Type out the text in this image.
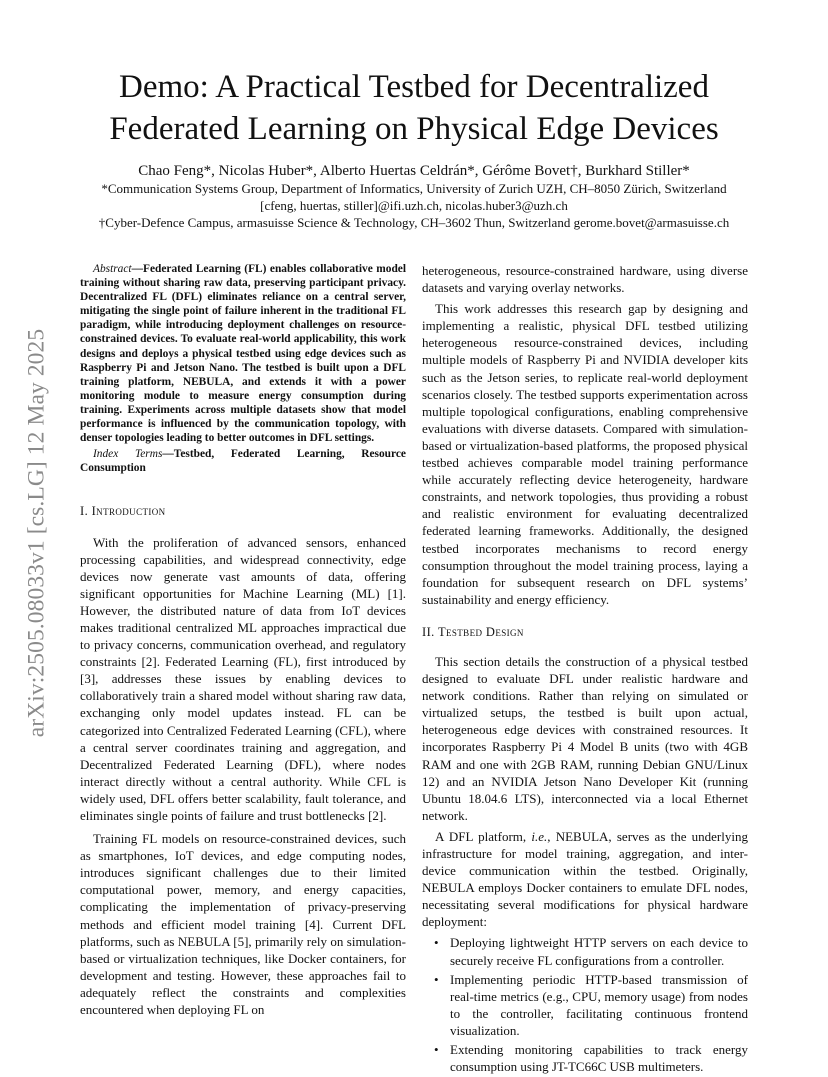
arXiv:2505.08033v1 [cs.LG] 12 May 2025
Demo: A Practical Testbed for Decentralized
Federated Learning on Physical Edge Devices
Chao Feng*, Nicolas Huber*, Alberto Huertas Celdrán*, Gérôme Bovet†, Burkhard Stiller*
*Communication Systems Group, Department of Informatics, University of Zurich UZH, CH–8050 Zürich, Switzerland
[cfeng, huertas, stiller]@ifi.uzh.ch, nicolas.huber3@uzh.ch
†Cyber-Defence Campus, armasuisse Science & Technology, CH–3602 Thun, Switzerland gerome.bovet@armasuisse.ch

Abstract—Federated Learning (FL) enables collaborative model training without sharing raw data, preserving participant privacy. Decentralized FL (DFL) eliminates reliance on a central server, mitigating the single point of failure inherent in the traditional FL paradigm, while introducing deployment challenges on resource-constrained devices. To evaluate real-world applicability, this work designs and deploys a physical testbed using edge devices such as Raspberry Pi and Jetson Nano. The testbed is built upon a DFL training platform, NEBULA, and extends it with a power monitoring module to measure energy consumption during training. Experiments across multiple datasets show that model performance is influenced by the communication topology, with denser topologies leading to better outcomes in DFL settings.

Index Terms—Testbed, Federated Learning, Resource Consumption

I. Introduction

With the proliferation of advanced sensors, enhanced processing capabilities, and widespread connectivity, edge devices now generate vast amounts of data, offering significant opportunities for Machine Learning (ML) [1]. However, the distributed nature of data from IoT devices makes traditional centralized ML approaches impractical due to privacy concerns, communication overhead, and regulatory constraints [2]. Federated Learning (FL), first introduced by [3], addresses these issues by enabling devices to collaboratively train a shared model without sharing raw data, exchanging only model updates instead. FL can be categorized into Centralized Federated Learning (CFL), where a central server coordinates training and aggregation, and Decentralized Federated Learning (DFL), where nodes interact directly without a central authority. While CFL is widely used, DFL offers better scalability, fault tolerance, and eliminates single points of failure and trust bottlenecks [2].

Training FL models on resource-constrained devices, such as smartphones, IoT devices, and edge computing nodes, introduces significant challenges due to their limited computational power, memory, and energy capacities, complicating the implementation of privacy-preserving methods and efficient model training [4]. Current DFL platforms, such as NEBULA [5], primarily rely on simulation-based or virtualization techniques, like Docker containers, for development and testing. However, these approaches fail to adequately reflect the constraints and complexities encountered when deploying FL on

heterogeneous, resource-constrained hardware, using diverse datasets and varying overlay networks.

This work addresses this research gap by designing and implementing a realistic, physical DFL testbed utilizing heterogeneous resource-constrained devices, including multiple models of Raspberry Pi and NVIDIA developer kits such as the Jetson series, to replicate real-world deployment scenarios closely. The testbed supports experimentation across multiple topological configurations, enabling comprehensive evaluations with diverse datasets. Compared with simulation-based or virtualization-based platforms, the proposed physical testbed achieves comparable model training performance while accurately reflecting device heterogeneity, hardware constraints, and network topologies, thus providing a robust and realistic environment for evaluating decentralized federated learning frameworks. Additionally, the designed testbed incorporates mechanisms to record energy consumption throughout the model training process, laying a foundation for subsequent research on DFL systems’ sustainability and energy efficiency.

II. Testbed Design

This section details the construction of a physical testbed designed to evaluate DFL under realistic hardware and network conditions. Rather than relying on simulated or virtualized setups, the testbed is built upon actual, heterogeneous edge devices with constrained resources. It incorporates Raspberry Pi 4 Model B units (two with 4GB RAM and one with 2GB RAM, running Debian GNU/Linux 12) and an NVIDIA Jetson Nano Developer Kit (running Ubuntu 18.04.6 LTS), interconnected via a local Ethernet network.

A DFL platform, i.e., NEBULA, serves as the underlying infrastructure for model training, aggregation, and inter-device communication within the testbed. Originally, NEBULA employs Docker containers to emulate DFL nodes, necessitating several modifications for physical hardware deployment:

• Deploying lightweight HTTP servers on each device to securely receive FL configurations from a controller.
• Implementing periodic HTTP-based transmission of real-time metrics (e.g., CPU, memory usage) from nodes to the controller, facilitating continuous frontend visualization.
• Extending monitoring capabilities to track energy consumption using JT-TC66C USB multimeters.
